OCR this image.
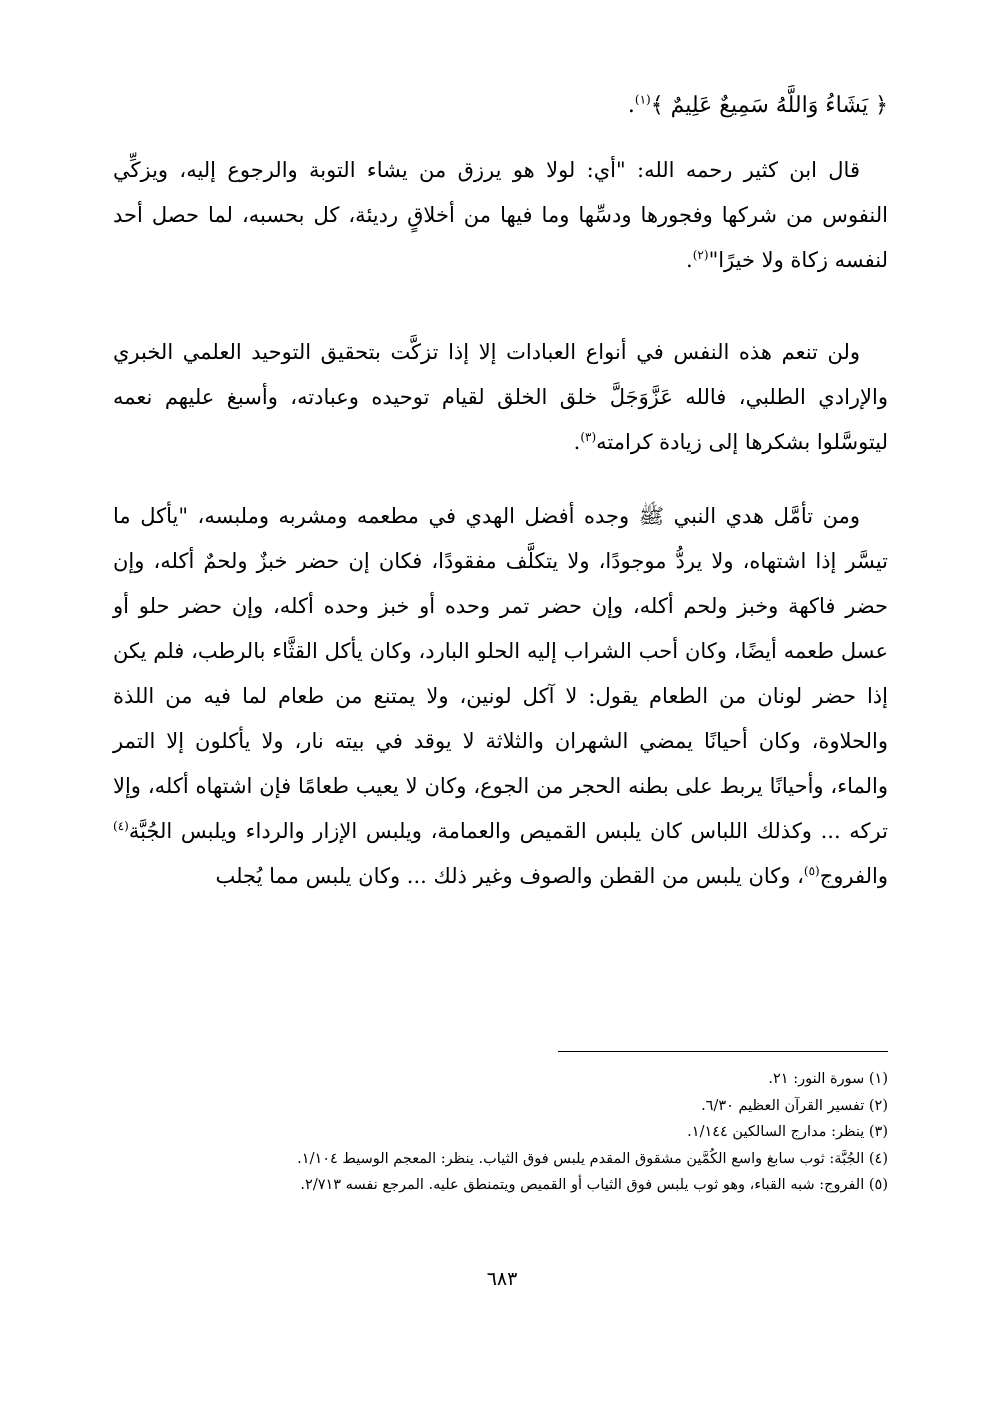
﴿ يَشَاءُ وَاللَّهُ سَمِيعٌ عَلِيمٌ ﴾$^{(١)}$.

قال ابن كثير رحمه الله: "أي: لولا هو يرزق من يشاء التوبة والرجوع إليه، ويزكِّي النفوس من شركها وفجورها ودسِّها وما فيها من أخلاقٍ رديئة، كل بحسبه، لما حصل أحد لنفسه زكاة ولا خيرًا"$^{(٢)}$.

ولن تنعم هذه النفس في أنواع العبادات إلا إذا تزكَّت بتحقيق التوحيد العلمي الخبري والإرادي الطلبي، فالله عَزَّوَجَلَّ خلق الخلق لقيام توحيده وعبادته، وأسبغ عليهم نعمه ليتوسَّلوا بشكرها إلى زيادة كرامته$^{(٣)}$.

ومن تأمَّل هدي النبي ﷺ وجده أفضل الهدي في مطعمه ومشربه وملبسه، "يأكل ما تيسَّر إذا اشتهاه، ولا يردُّ موجودًا، ولا يتكلَّف مفقودًا، فكان إن حضر خبزٌ ولحمٌ أكله، وإن حضر فاكهة وخبز ولحم أكله، وإن حضر تمر وحده أو خبز وحده أكله، وإن حضر حلو أو عسل طعمه أيضًا، وكان أحب الشراب إليه الحلو البارد، وكان يأكل القثَّاء بالرطب، فلم يكن إذا حضر لونان من الطعام يقول: لا آكل لونين، ولا يمتنع من طعام لما فيه من اللذة والحلاوة، وكان أحيانًا يمضي الشهران والثلاثة لا يوقد في بيته نار، ولا يأكلون إلا التمر والماء، وأحيانًا يربط على بطنه الحجر من الجوع، وكان لا يعيب طعامًا فإن اشتهاه أكله، وإلا تركه ... وكذلك اللباس كان يلبس القميص والعمامة، ويلبس الإزار والرداء ويلبس الجُبَّة$^{(٤)}$ والفروج$^{(٥)}$، وكان يلبس من القطن والصوف وغير ذلك ... وكان يلبس مما يُجلب

(١) سورة النور: ٢١.
(٢) تفسير القرآن العظيم ٦/٣٠.
(٣) ينظر: مدارج السالكين ١/١٤٤.
(٤) الجُبَّة: ثوب سابغ واسع الكُمَّين مشقوق المقدم يلبس فوق الثياب. ينظر: المعجم الوسيط ١/١٠٤.
(٥) الفروج: شبه القباء، وهو ثوب يلبس فوق الثياب أو القميص ويتمنطق عليه. المرجع نفسه ٢/٧١٣.
٦٨٣
